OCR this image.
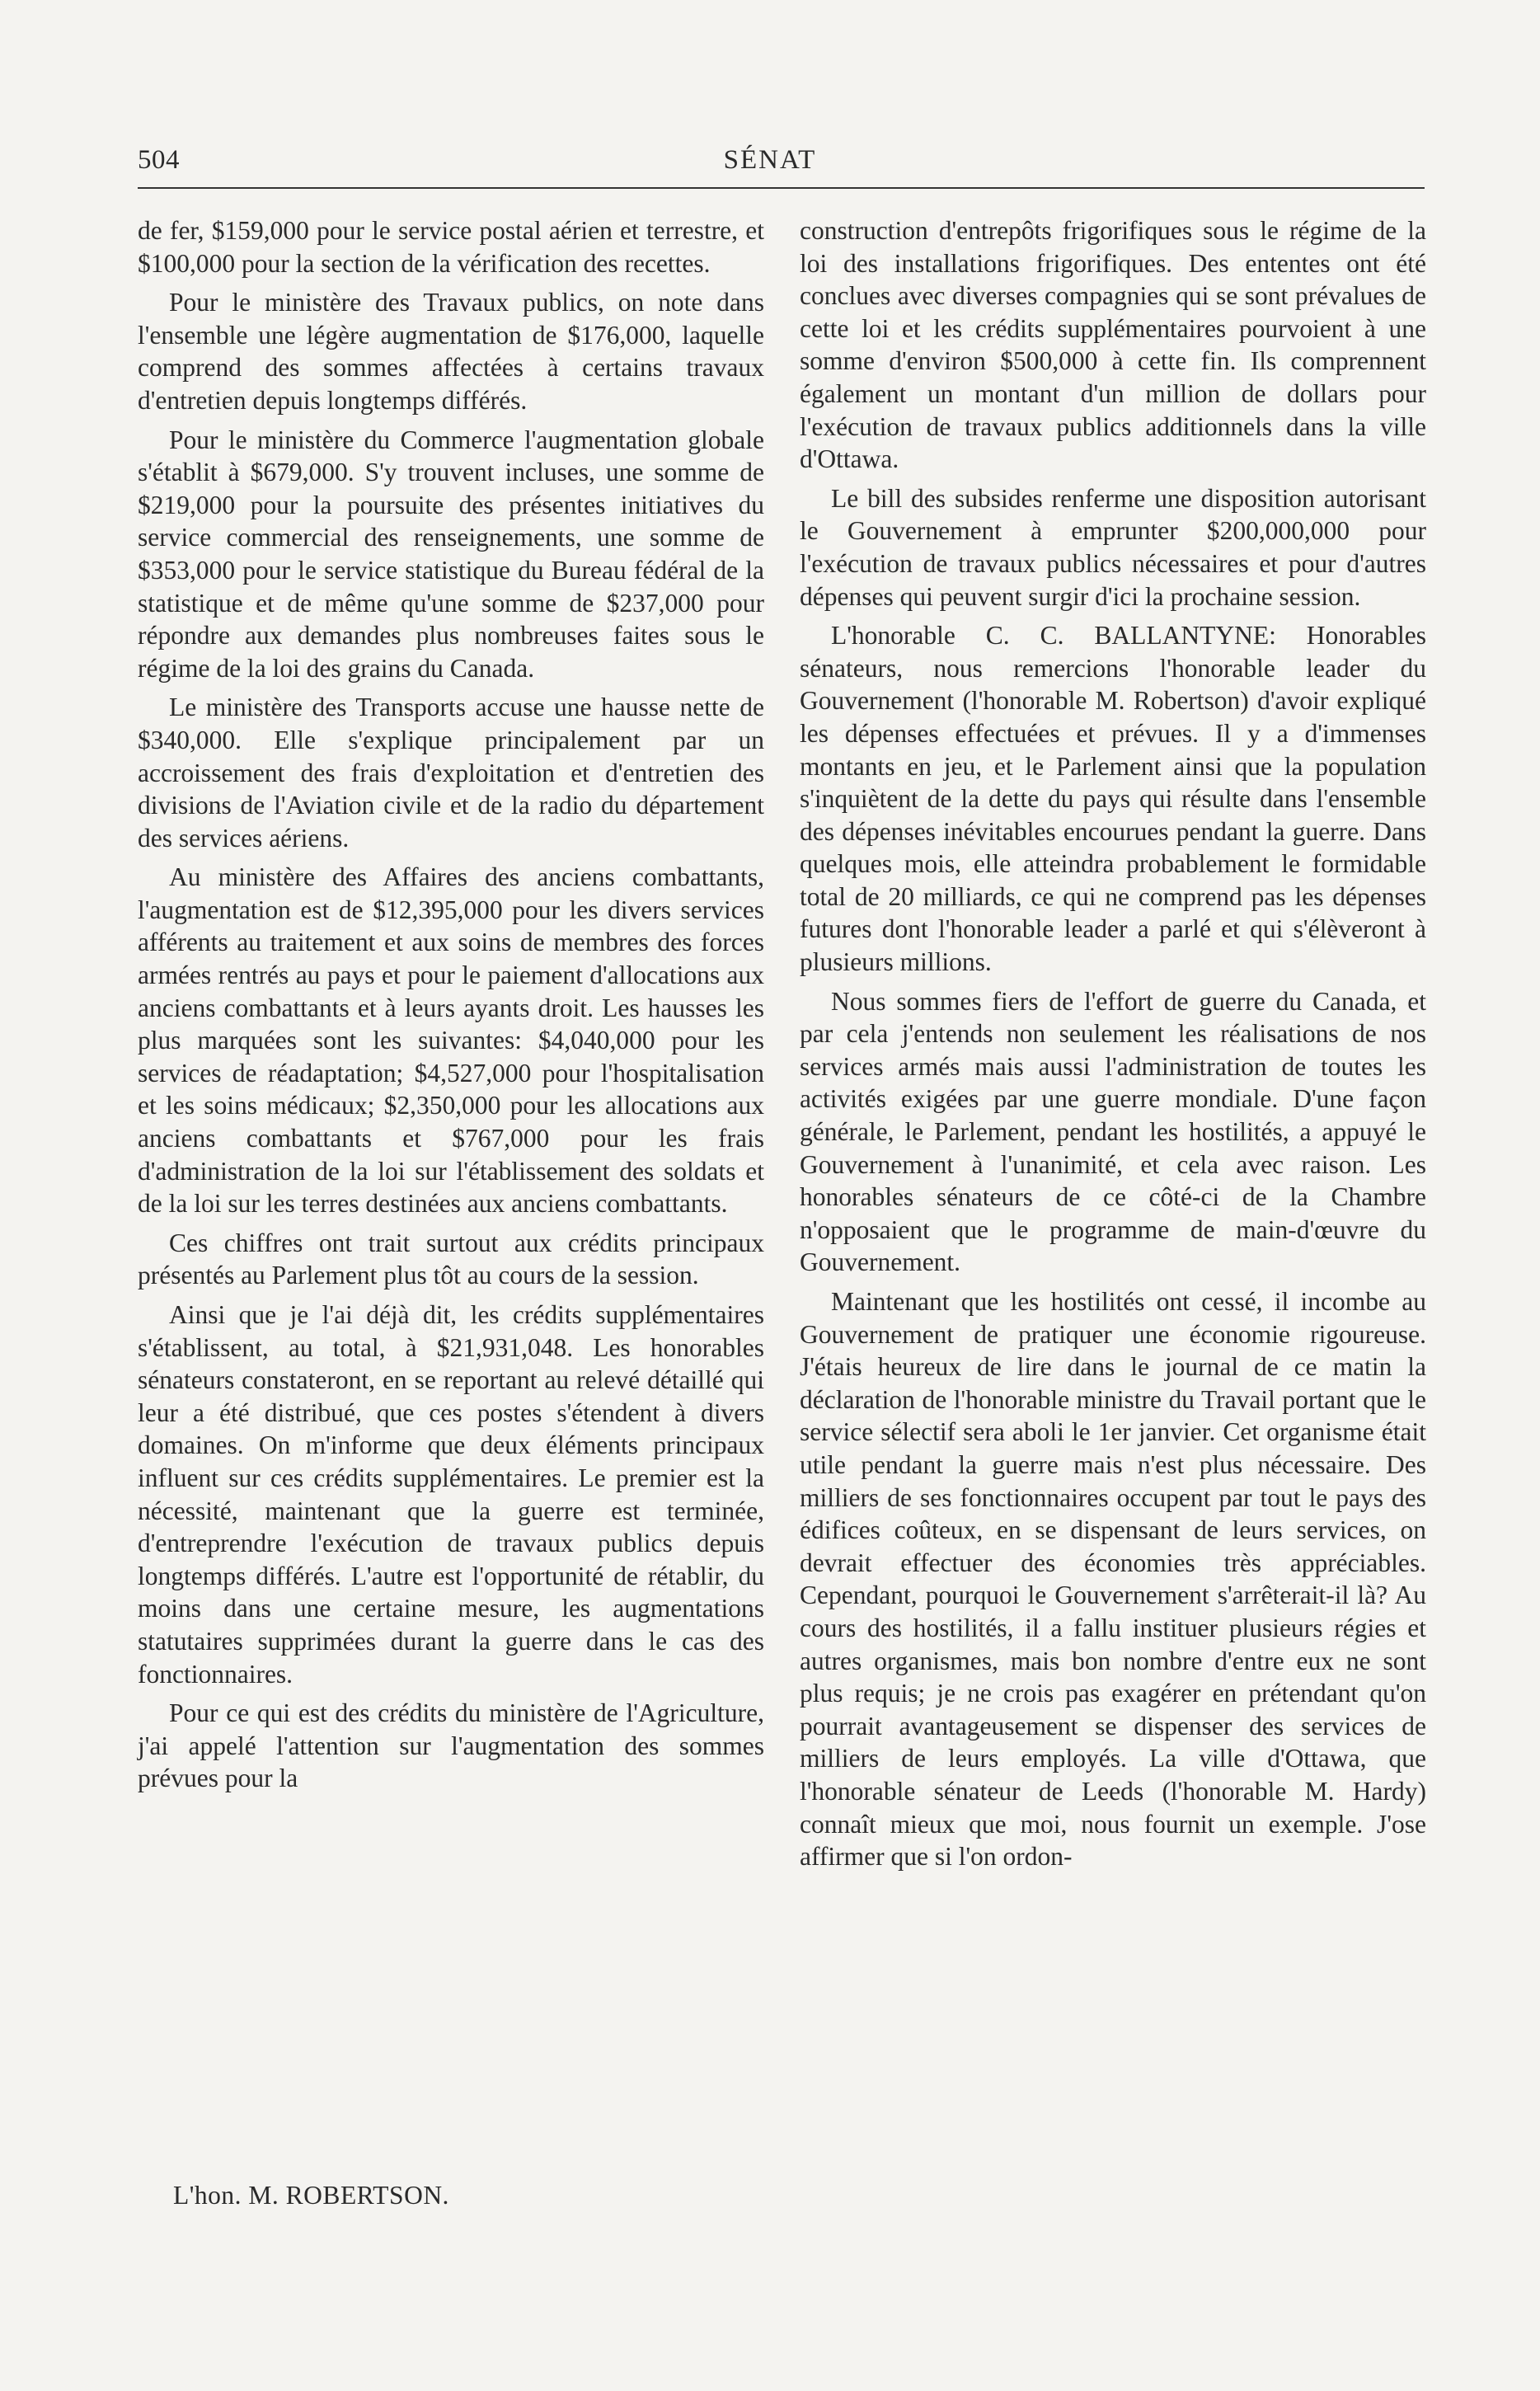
504	SÉNAT

de fer, $159,000 pour le service postal aérien et terrestre, et $100,000 pour la section de la vérification des recettes.

Pour le ministère des Travaux publics, on note dans l'ensemble une légère augmentation de $176,000, laquelle comprend des sommes affectées à certains travaux d'entretien depuis longtemps différés.

Pour le ministère du Commerce l'augmentation globale s'établit à $679,000. S'y trouvent incluses, une somme de $219,000 pour la poursuite des présentes initiatives du service commercial des renseignements, une somme de $353,000 pour le service statistique du Bureau fédéral de la statistique et de même qu'une somme de $237,000 pour répondre aux demandes plus nombreuses faites sous le régime de la loi des grains du Canada.

Le ministère des Transports accuse une hausse nette de $340,000. Elle s'explique principalement par un accroissement des frais d'exploitation et d'entretien des divisions de l'Aviation civile et de la radio du département des services aériens.

Au ministère des Affaires des anciens combattants, l'augmentation est de $12,395,000 pour les divers services afférents au traitement et aux soins de membres des forces armées rentrés au pays et pour le paiement d'allocations aux anciens combattants et à leurs ayants droit. Les hausses les plus marquées sont les suivantes: $4,040,000 pour les services de réadaptation; $4,527,000 pour l'hospitalisation et les soins médicaux; $2,350,000 pour les allocations aux anciens combattants et $767,000 pour les frais d'administration de la loi sur l'établissement des soldats et de la loi sur les terres destinées aux anciens combattants.

Ces chiffres ont trait surtout aux crédits principaux présentés au Parlement plus tôt au cours de la session.

Ainsi que je l'ai déjà dit, les crédits supplémentaires s'établissent, au total, à $21,931,048. Les honorables sénateurs constateront, en se reportant au relevé détaillé qui leur a été distribué, que ces postes s'étendent à divers domaines. On m'informe que deux éléments principaux influent sur ces crédits supplémentaires. Le premier est la nécessité, maintenant que la guerre est terminée, d'entreprendre l'exécution de travaux publics depuis longtemps différés. L'autre est l'opportunité de rétablir, du moins dans une certaine mesure, les augmentations statutaires supprimées durant la guerre dans le cas des fonctionnaires.

Pour ce qui est des crédits du ministère de l'Agriculture, j'ai appelé l'attention sur l'augmentation des sommes prévues pour la

construction d'entrepôts frigorifiques sous le régime de la loi des installations frigorifiques. Des ententes ont été conclues avec diverses compagnies qui se sont prévalues de cette loi et les crédits supplémentaires pourvoient à une somme d'environ $500,000 à cette fin. Ils comprennent également un montant d'un million de dollars pour l'exécution de travaux publics additionnels dans la ville d'Ottawa.

Le bill des subsides renferme une disposition autorisant le Gouvernement à emprunter $200,000,000 pour l'exécution de travaux publics nécessaires et pour d'autres dépenses qui peuvent surgir d'ici la prochaine session.

L'honorable C. C. BALLANTYNE: Honorables sénateurs, nous remercions l'honorable leader du Gouvernement (l'honorable M. Robertson) d'avoir expliqué les dépenses effectuées et prévues. Il y a d'immenses montants en jeu, et le Parlement ainsi que la population s'inquiètent de la dette du pays qui résulte dans l'ensemble des dépenses inévitables encourues pendant la guerre. Dans quelques mois, elle atteindra probablement le formidable total de 20 milliards, ce qui ne comprend pas les dépenses futures dont l'honorable leader a parlé et qui s'élèveront à plusieurs millions.

Nous sommes fiers de l'effort de guerre du Canada, et par cela j'entends non seulement les réalisations de nos services armés mais aussi l'administration de toutes les activités exigées par une guerre mondiale. D'une façon générale, le Parlement, pendant les hostilités, a appuyé le Gouvernement à l'unanimité, et cela avec raison. Les honorables sénateurs de ce côté-ci de la Chambre n'opposaient que le programme de main-d'œuvre du Gouvernement.

Maintenant que les hostilités ont cessé, il incombe au Gouvernement de pratiquer une économie rigoureuse. J'étais heureux de lire dans le journal de ce matin la déclaration de l'honorable ministre du Travail portant que le service sélectif sera aboli le 1er janvier. Cet organisme était utile pendant la guerre mais n'est plus nécessaire. Des milliers de ses fonctionnaires occupent par tout le pays des édifices coûteux, en se dispensant de leurs services, on devrait effectuer des économies très appréciables. Cependant, pourquoi le Gouvernement s'arrêterait-il là? Au cours des hostilités, il a fallu instituer plusieurs régies et autres organismes, mais bon nombre d'entre eux ne sont plus requis; je ne crois pas exagérer en prétendant qu'on pourrait avantageusement se dispenser des services de milliers de leurs employés. La ville d'Ottawa, que l'honorable sénateur de Leeds (l'honorable M. Hardy) connaît mieux que moi, nous fournit un exemple. J'ose affirmer que si l'on ordon-

L'hon. M. ROBERTSON.
